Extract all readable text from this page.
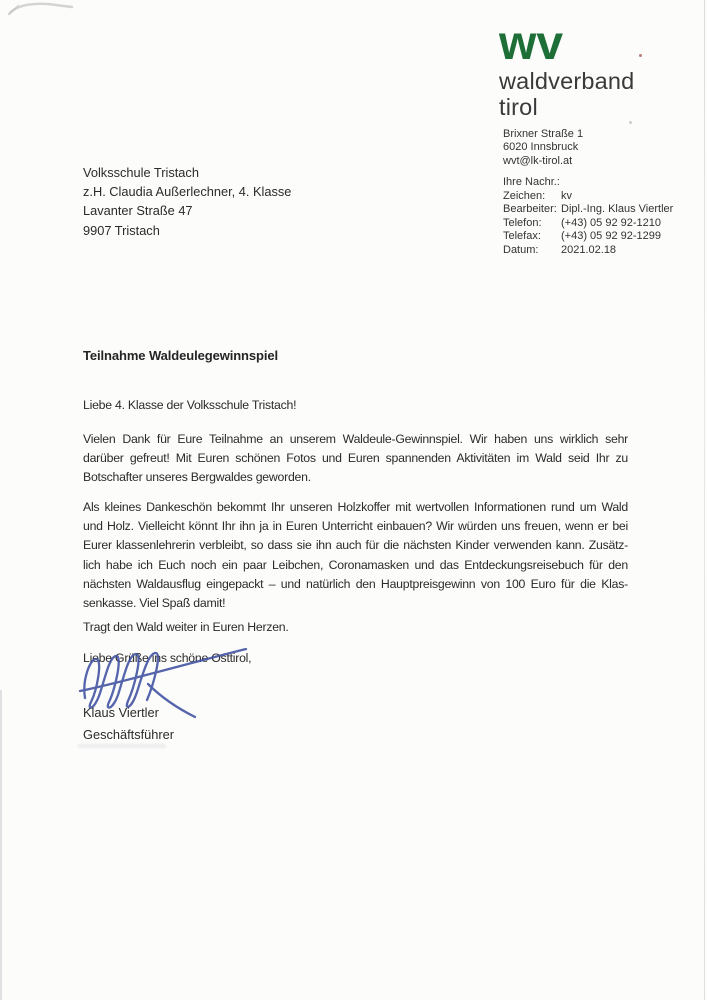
wv
waldverband
tirol
Brixner Straße 1
6020 Innsbruck
wvt@lk-tirol.at
Ihre Nachr.:
Zeichen:	kv
Bearbeiter: Dipl.-Ing. Klaus Viertler
Telefon:	(+43) 05 92 92-1210
Telefax:	(+43) 05 92 92-1299
Datum:	2021.02.18
Volksschule Tristach
z.H. Claudia Außerlechner, 4. Klasse
Lavanter Straße 47
9907 Tristach
Teilnahme Waldeulegewinnspiel
Liebe 4. Klasse der Volksschule Tristach!
Vielen Dank für Eure Teilnahme an unserem Waldeule-Gewinnspiel. Wir haben uns wirklich sehr
darüber gefreut! Mit Euren schönen Fotos und Euren spannenden Aktivitäten im Wald seid Ihr zu
Botschafter unseres Bergwaldes geworden.
Als kleines Dankeschön bekommt Ihr unseren Holzkoffer mit wertvollen Informationen rund um Wald
und Holz. Vielleicht könnt Ihr ihn ja in Euren Unterricht einbauen? Wir würden uns freuen, wenn er bei
Eurer klassenlehrerin verbleibt, so dass sie ihn auch für die nächsten Kinder verwenden kann. Zusätz-
lich habe ich Euch noch ein paar Leibchen, Coronamasken und das Entdeckungsreisebuch für den
nächsten Waldausflug eingepackt – und natürlich den Hauptpreisgewinn von 100 Euro für die Klas-
senkasse. Viel Spaß damit!
Tragt den Wald weiter in Euren Herzen.
Liebe Grüße ins schöne Osttirol,
Klaus Viertler
Geschäftsführer
